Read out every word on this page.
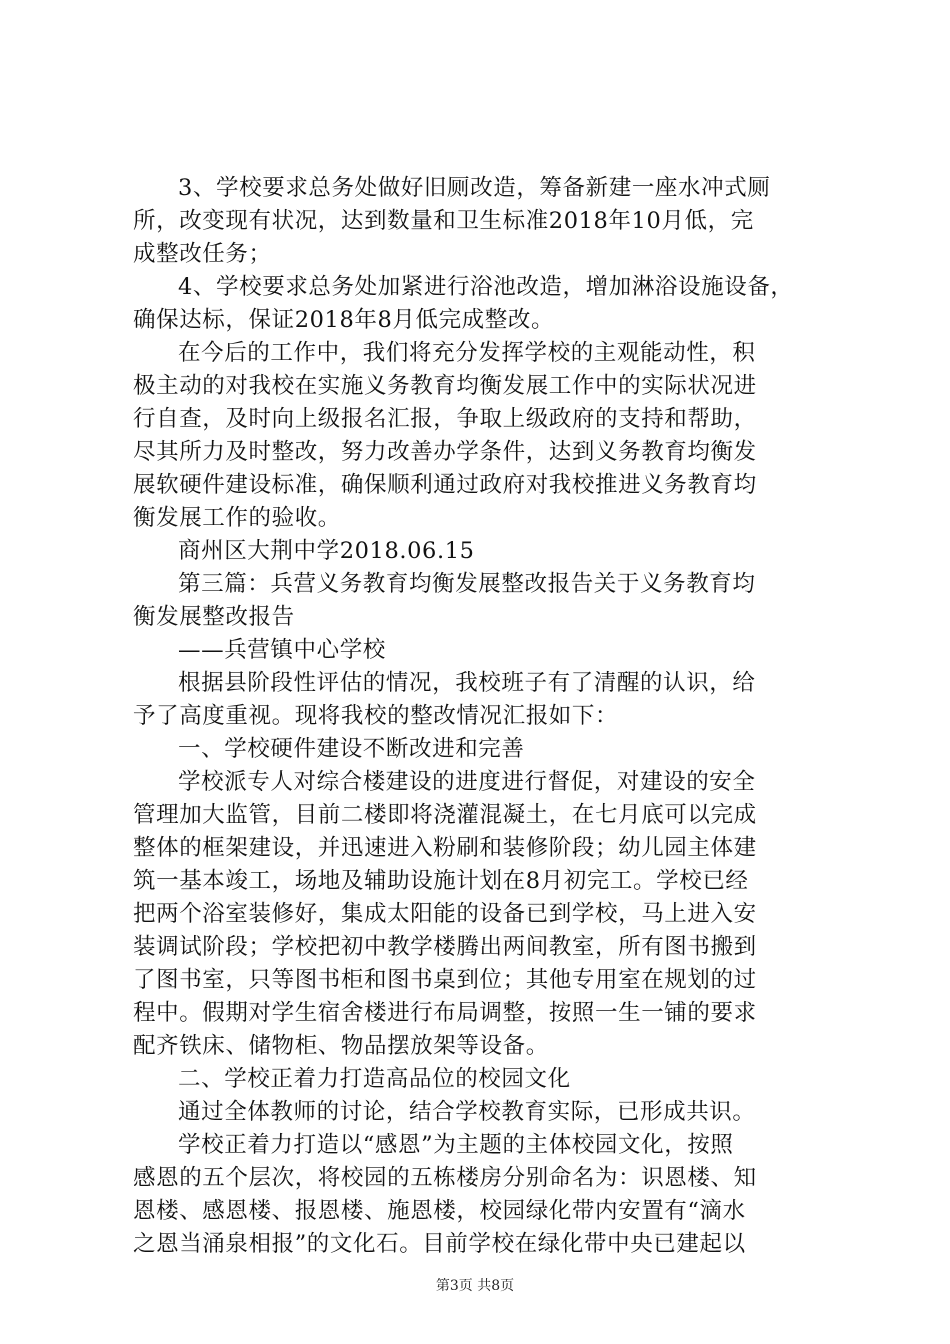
3、学校要求总务处做好旧厕改造，筹备新建一座水冲式厕
所，改变现有状况，达到数量和卫生标准2018年10月低，完
成整改任务；
4、学校要求总务处加紧进行浴池改造，增加淋浴设施设备，
确保达标，保证2018年8月低完成整改。
在今后的工作中，我们将充分发挥学校的主观能动性，积
极主动的对我校在实施义务教育均衡发展工作中的实际状况进
行自查，及时向上级报名汇报，争取上级政府的支持和帮助，
尽其所力及时整改，努力改善办学条件，达到义务教育均衡发
展软硬件建设标准，确保顺利通过政府对我校推进义务教育均
衡发展工作的验收。
商州区大荆中学2018.06.15
第三篇：兵营义务教育均衡发展整改报告关于义务教育均
衡发展整改报告
——兵营镇中心学校
根据县阶段性评估的情况，我校班子有了清醒的认识，给
予了高度重视。现将我校的整改情况汇报如下：
一、学校硬件建设不断改进和完善
学校派专人对综合楼建设的进度进行督促，对建设的安全
管理加大监管，目前二楼即将浇灌混凝土，在七月底可以完成
整体的框架建设，并迅速进入粉刷和装修阶段；幼儿园主体建
筑一基本竣工，场地及辅助设施计划在8月初完工。学校已经
把两个浴室装修好，集成太阳能的设备已到学校，马上进入安
装调试阶段；学校把初中教学楼腾出两间教室，所有图书搬到
了图书室，只等图书柜和图书桌到位；其他专用室在规划的过
程中。假期对学生宿舍楼进行布局调整，按照一生一铺的要求
配齐铁床、储物柜、物品摆放架等设备。
二、学校正着力打造高品位的校园文化
通过全体教师的讨论，结合学校教育实际，已形成共识。
学校正着力打造以“感恩”为主题的主体校园文化，按照
感恩的五个层次，将校园的五栋楼房分别命名为：识恩楼、知
恩楼、感恩楼、报恩楼、施恩楼，校园绿化带内安置有“滴水
之恩当涌泉相报”的文化石。目前学校在绿化带中央已建起以
第3页 共8页
